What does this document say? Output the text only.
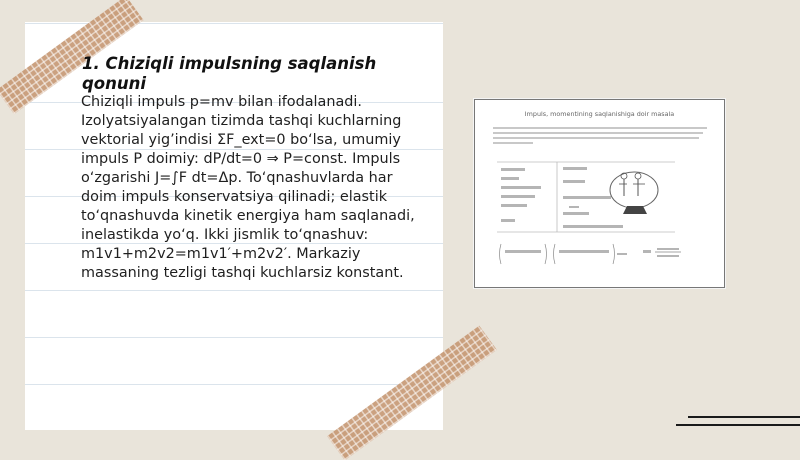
1. Chiziqli impulsning saqlanish qonuni

Chiziqli impuls p=mv bilan ifodalanadi. Izolyatsiyalangan tizimda tashqi kuchlarning vektorial yig’indisi ΣF_ext=0 bo‘lsa, umumiy impuls P doimiy: dP/dt=0 ⇒ P=const. Impuls o‘zgarishi J=∫F dt=Δp. To‘qnashuvlarda har doim impuls konservatsiya qilinadi; elastik to‘qnashuvda kinetik energiya ham saqlanadi, inelastikda yo‘q. Ikki jismlik to‘qnashuv: m1v1+m2v2=m1v1′+m2v2′. Markaziy massaning tezligi tashqi kuchlarsiz konstant.

Impuls, momentining saqlanishiga doir masala
